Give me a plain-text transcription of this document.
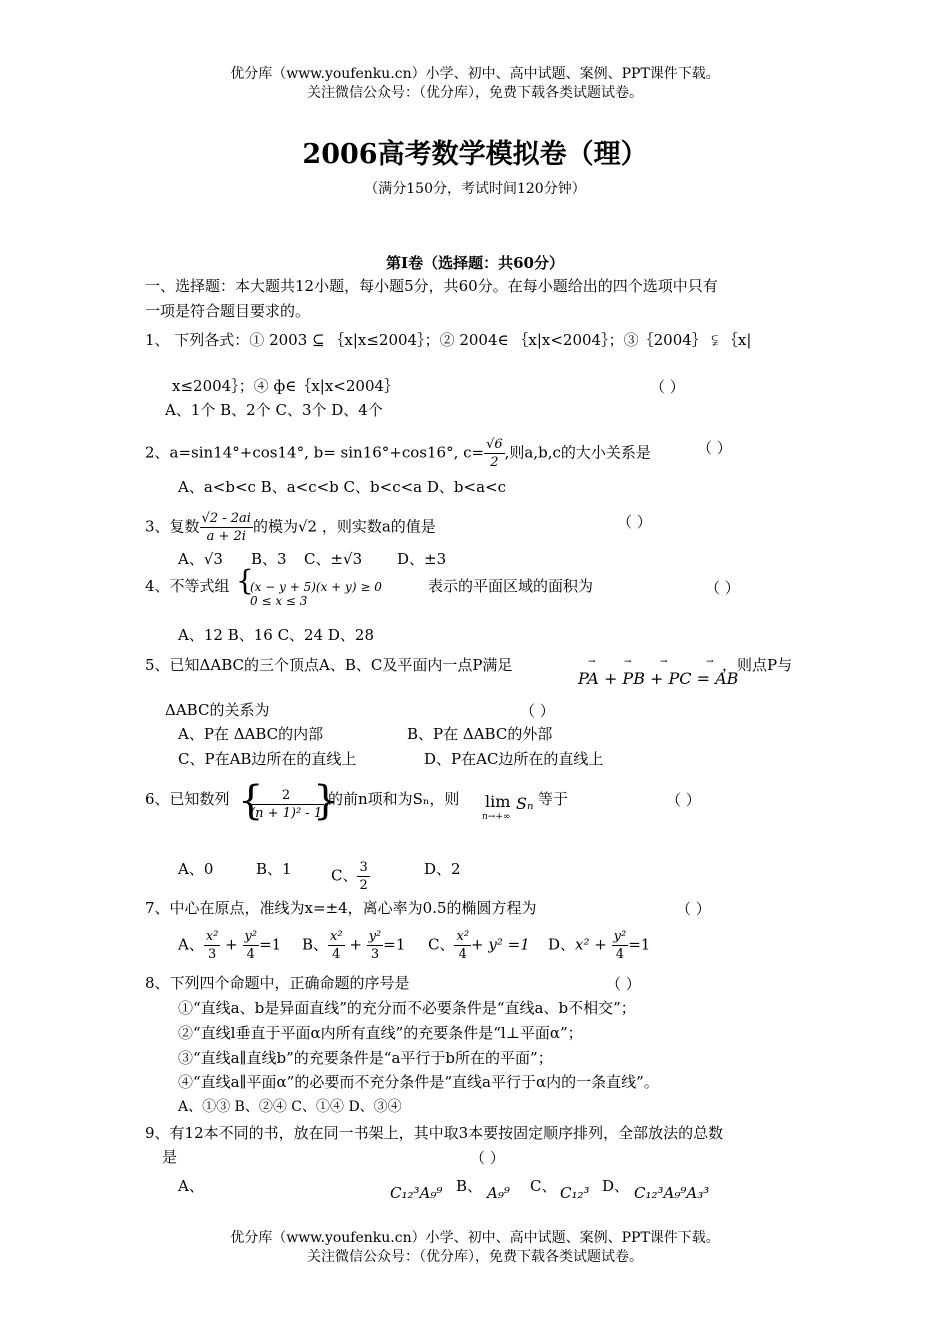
优分库（www.youfenku.cn）小学、初中、高中试题、案例、PPT课件下载。
关注微信公众号：（优分库），免费下载各类试题试卷。
2006高考数学模拟卷（理）
（满分150分，考试时间120分钟）
第Ⅰ卷（选择题：共60分）
一、选择题：本大题共12小题，每小题5分，共60分。在每小题给出的四个选项中只有
一项是符合题目要求的。
1、 下列各式：① 2003 ⊆ ｛x|x≤2004｝；② 2004∈ ｛x|x<2004｝；③｛2004｝ ⫋ ｛x|
x≤2004｝；④ ф∈｛x|x<2004｝	（ ）
A、1个 B、2个 C、3个 D、4个
2、a=sin14°+cos14°, b= sin16°+cos16°, $c= \frac{√6}{2}$ ,则a,b,c的大小关系是	（ ）
A、a<b<c B、a<c<b C、b<c<a D、b<a<c
3、复数 $\frac{√2 - 2ai}{a + 2i}$ 的模为√2 ，则实数a的值是	（ ）
A、√3 B、3 C、±√3 D、±3
4、不等式组 {
(x − y + 5)(x + y) ≥ 0
0 ≤ x ≤ 3
表示的平面区域的面积为	（ ）
A、12 B、16 C、24 D、28
5、已知ΔABC的三个顶点A、B、C及平面内一点P满足	→	→	→	→
PA + PB + PC = AB
，则点P与
ΔABC的关系为	（ ）
A、P在 ΔABC的内部	B、P在 ΔABC的外部
C、P在AB边所在的直线上	D、P在AC边所在的直线上
6、已知数列 {
$\frac{2}{\text{(n + 1)² - 1}}$
}
的前n项和为Sₙ，则 lim
n→+∞
Sₙ 等于	（ ）
A、0	B、1	C、 $\frac{3}{2}$	D、2
7、中心在原点，准线为x=±4，离心率为0.5的椭圆方程为	（ ）
A、 $\frac{\text{x²}}{3} + \frac{\text{y²}}{4} =1$ B、 $\frac{\text{x²}}{4} + \frac{\text{y²}}{3} =1$ C、 $\frac{\text{x²}}{4} + y^2 =1$ D、$x^2 + \frac{\text{y²}}{4} =1$
8、下列四个命题中，正确命题的序号是	（ ）
①“直线a、b是异面直线”的充分而不必要条件是“直线a、b不相交”；
②“直线l垂直于平面α内所有直线”的充要条件是“l⊥平面α”；
③“直线a∥直线b”的充要条件是“a平行于b所在的平面”；
④“直线a∥平面α”的必要而不充分条件是“直线a平行于α内的一条直线”。
A、①③ B、②④ C、①④ D、③④
9、有12本不同的书，放在同一书架上，其中取3本要按固定顺序排列，全部放法的总数
是	（ ）
A、	C₁₂³A₉⁹ B、 A₉⁹ C、 C₁₂³ D、 C₁₂³A₉⁹A₃³
优分库（www.youfenku.cn）小学、初中、高中试题、案例、PPT课件下载。
关注微信公众号：（优分库），免费下载各类试题试卷。
